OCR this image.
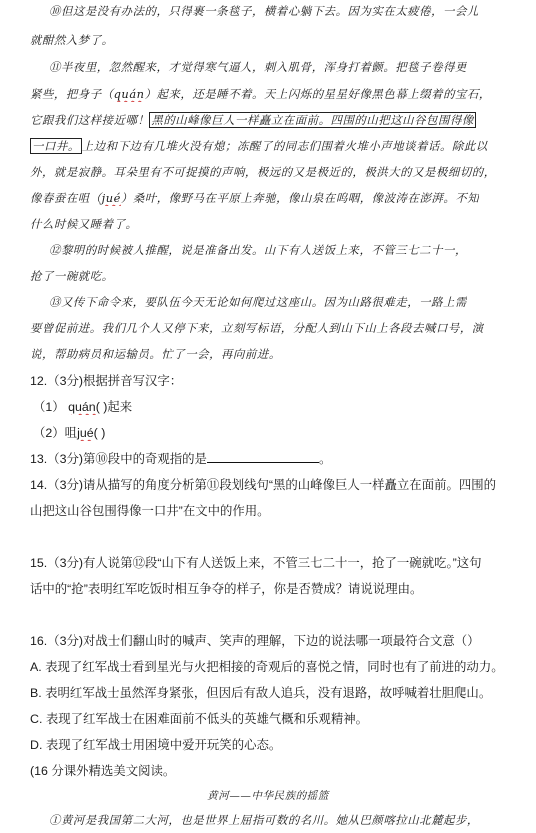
⑩但这是没有办法的，只得裹一条毯子，横着心躺下去。因为实在太疲倦，一会儿
就酣然入梦了。
⑪半夜里，忽然醒来，才觉得寒气逼人，刺入肌骨，浑身打着颤。把毯子卷得更
紧些，把身子（quán）起来，还是睡不着。天上闪烁的星星好像黑色幕上缀着的宝石，
它跟我们这样接近哪！ 黑的山峰像巨人一样矗立在面前。四围的山把这山谷包围得像
一口井。 上边和下边有几堆火没有熄；冻醒了的同志们围着火堆小声地谈着话。除此以
外，就是寂静。耳朵里有不可捉摸的声响，极远的又是极近的，极洪大的又是极细切的，
像春蚕在咀（jué）桑叶，像野马在平原上奔驰，像山泉在呜咽，像波涛在澎湃。不知
什么时候又睡着了。
⑫黎明的时候被人推醒，说是准备出发。山下有人送饭上来，不管三七二十一，
抢了一碗就吃。
⑬又传下命令来，要队伍今天无论如何爬过这座山。因为山路很难走，一路上需
要曾促前进。我们几个人又停下来，立刻写标语，分配人到山下山上各段去喊口号，演
说，帮助病员和运输员。忙了一会，再向前进。
12.（3分)根据拼音写汉字：
（1） quán( )起来
（2）咀jué( )
13.（3分)第⑩段中的奇观指的是	。
14.（3分)请从描写的角度分析第⑪段划线句“黑的山峰像巨人一样矗立在面前。四围的
山把这山谷包围得像一口井”在文中的作用。
15.（3分)有人说第⑫段“山下有人送饭上来，不管三七二十一，抢了一碗就吃。”这句
话中的“抢”表明红军吃饭时相互争夺的样子，你是否赞成？请说说理由。
16.（3分)对战士们翻山时的喊声、笑声的理解，下边的说法哪一项最符合文意（）
A. 表现了红军战士看到星光与火把相接的奇观后的喜悦之情，同时也有了前进的动力。
B. 表明红军战士虽然浑身紧张，但因后有敌人追兵，没有退路，故呼喊着壮胆爬山。
C. 表现了红军战士在困难面前不低头的英雄气概和乐观精神。
D. 表现了红军战士用困境中爱开玩笑的心态。
(16 分课外精选美文阅读。
黄河——中华民族的摇篮
①黄河是我国第二大河，也是世界上屈指可数的名川。她从巴颜喀拉山北麓起步，
